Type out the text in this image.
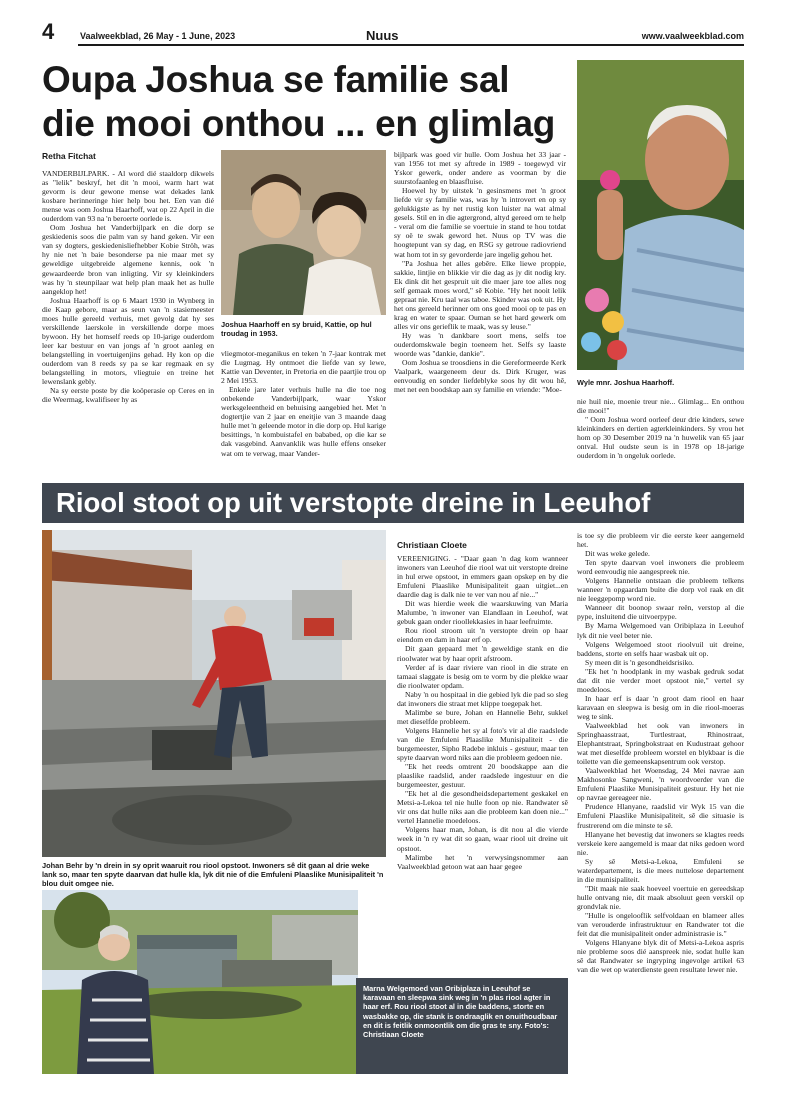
4	Vaalweekblad, 26 May - 1 June, 2023	Nuus	www.vaalweekblad.com
Oupa Joshua se familie sal die mooi onthou ... en glimlag
Retha Fitchat

VANDERBIJLPARK. - Al word dié staaldorp dikwels as "lelik" beskryf, het dit 'n mooi, warm hart wat gevorm is deur gewone mense wat dekades lank kosbare herinneringe hier help bou het. Een van dié mense was oom Joshua Haarhoff, wat op 22 April in die ouderdom van 93 na 'n beroerte oorlede is.

Oom Joshua het Vanderbijlpark en die dorp se geskiedenis soos die palm van sy hand geken. Vir een van sy dogters, geskiedenisliefhebber Kobie Ströh, was hy nie net 'n baie besonderse pa nie maar met sy geweldige uitgebreide algemene kennis, ook 'n gewaardeerde bron van inligting. Vir sy kleinkinders was hy 'n steunpilaar wat help plan maak het as hulle aangeklop het!

Joshua Haarhoff is op 6 Maart 1930 in Wynberg in die Kaap gebore, maar as seun van 'n stasiemeester moes hulle gereeld verhuis, met gevolg dat hy ses verskillende laerskole in verskillende dorpe moes bywoon. Hy het homself reeds op 10-jarige ouderdom leer kar bestuur en van jongs af 'n groot aanleg en belangstelling in voertuigenjins gehad. Hy kon op die ouderdom van 8 reeds sy pa se kar regmaak en sy belangstelling in motors, vliegtuie en treine het lewenslank gebly.

Na sy eerste poste by die koöperasie op Ceres en in die Weermag, kwalifiseer hy as

Joshua Haarhoff en sy bruid, Kattie, op hul troudag in 1953.

vliegmotor-meganikus en teken 'n 7-jaar kontrak met die Lugmag. Hy ontmoet die liefde van sy lewe, Kattie van Deventer, in Pretoria en die paartjie trou op 2 Mei 1953.

Enkele jare later verhuis hulle na die toe nog onbekende Vanderbijlpark, waar Yskor werksgeleentheid en behuising aangebied het. Met 'n dogtertjie van 2 jaar en eneitjie van 3 maande daag hulle met 'n geleende motor in die dorp op. Hul karige besittings, 'n kombuistafel en bababed, op die kar se dak vasgebind. Aanvanklik was hulle effens onseker wat om te verwag, maar Vander-

bijlpark was goed vir hulle. Oom Joshua het 33 jaar - van 1956 tot met sy aftrede in 1989 - toegewyd vir Yskor gewerk, onder andere as voorman by die suurstofaanleg en blaasfluise.

Hoewel hy by uitstek 'n gesinsmens met 'n groot liefde vir sy familie was, was hy 'n introvert en op sy gelukkigste as hy net rustig kon luister na wat almal gesels. Stil en in die agtergrond, altyd gereed om te help - veral om die familie se voertuie in stand te hou totdat sy oë te swak geword het. Nuus op TV was die hoogtepunt van sy dag, en RSG sy getroue radiovriend wat hom tot in sy gevorderde jare ingelig gehou het.

"Pa Joshua het alles gebêre. Elke liewe proppie, sakkie, lintjie en blikkie vir die dag as jy dit nodig kry. Ek dink dit het gespruit uit die maer jare toe alles nog self gemaak moes word," sê Kobie. "Hy het nooit lelik gepraat nie. Kru taal was taboe. Skinder was ook uit. Hy het ons gereeld herinner om ons goed mooi op te pas en krag en water te spaar. Ouman se het hard gewerk om alles vir ons gerieflik te maak, was sy leuse."

Hy was 'n dankbare soort mens, selfs toe ouderdomskwale begin toeneem het. Selfs sy laaste woorde was "dankie, dankie".

Oom Joshua se troosdiens in die Gereformeerde Kerk Vaalpark, waargeneem deur ds. Dirk Kruger, was eenvoudig en sonder liefdeblyke soos hy dit wou hê, met net een boodskap aan sy familie en vriende: "Moe-

Wyle mnr. Joshua Haarhoff.

nie huil nie, moenie treur nie... Glimlag... En onthou die mooi!"

" Oom Joshua word oorleef deur drie kinders, sewe kleinkinders en dertien agterkleinkinders. Sy vrou het hom op 30 Desember 2019 na 'n huwelik van 65 jaar ontval. Hul oudste seun is in 1978 op 18-jarige ouderdom in 'n ongeluk oorlede.

Riool stoot op uit verstopte dreine in Leeuhof
Johan Behr by 'n drein in sy oprit waaruit rou riool opstoot. Inwoners sê dit gaan al drie weke lank so, maar ten spyte daarvan dat hulle kla, lyk dit nie of die Emfuleni Plaaslike Munisipaliteit 'n blou duit omgee nie.
Marna Welgemoed van Oribiplaza in Leeuhof se karavaan en sleepwa sink weg in 'n plas riool agter in haar erf. Rou riool stoot al in die baddens, storte en wasbakke op, die stank is ondraaglik en onuithoudbaar en dit is feitlik onmoontlik om die gras te sny. Foto's: Christiaan Cloete
Christiaan Cloete

VEREENIGING. - "Daar gaan 'n dag kom wanneer inwoners van Leeuhof die riool wat uit verstopte dreine in hul erwe opstoot, in emmers gaan opskep en by die Emfuleni Plaaslike Munisipaliteit gaan uitgiet...en daardie dag is dalk nie te ver van nou af nie..."

Dit was hierdie week die waarskuwing van Maria Malumbe, 'n inwoner van Elandlaan in Leeuhof, wat gebuk gaan onder rioollekkasies in haar leefruimte.

Rou riool stroom uit 'n verstopte drein op haar eiendom en dam in haar erf op.

Dit gaan gepaard met 'n geweldige stank en die rioolwater wat by haar oprit afstroom.

Verder af is daar riviere van riool in die strate en tamaai slaggate is besig om te vorm by die plekke waar die rioolwater opdam.

Naby 'n ou hospitaal in die gebied lyk die pad so sleg dat inwoners die straat met klippe toegepak het.

Malimbe se bure, Johan en Hannelie Behr, sukkel met dieselfde probleem.

Volgens Hannelie het sy al foto's vir al die raadslede van die Emfuleni Plaaslike Munisipaliteit - die burgemeester, Sipho Radebe inkluis - gestuur, maar ten spyte daarvan word niks aan die probleem gedoen nie.

"Ek het reeds omtrent 20 boodskappe aan die plaaslike raadslid, ander raadslede ingestuur en die burgemeester, gestuur.

"Ek het al die gesondheidsdepartement geskakel en Metsi-a-Lekoa tel nie hulle foon op nie. Randwater sê vir ons dat hulle niks aan die probleem kan doen nie..." vertel Hannelie moedeloos.

Volgens haar man, Johan, is dit nou al die vierde week in 'n ry wat dit so gaan, waar riool uit dreine uit opstoot.

Malimbe het 'n verwysingsnommer aan Vaalweekblad getoon wat aan haar gegee

is toe sy die probleem vir die eerste keer aangemeld het.

Dit was weke gelede.

Ten spyte daarvan voel inwoners die probleem word eenvoudig nie aangespreek nie.

Volgens Hannelie ontstaan die probleem telkens wanneer 'n opgaardam buite die dorp vol raak en dit nie leeggepomp word nie.

Wanneer dit boonop swaar reën, verstop al die pype, insluitend die uitvoerpype.

By Marna Welgemoed van Oribiplaza in Leeuhof lyk dit nie veel beter nie.

Volgens Welgemoed stoot rioolvuil uit dreine, baddens, storte en selfs haar wasbak uit op.

Sy meen dit is 'n gesondheidsrisiko.

"Ek het 'n hoodplank in my wasbak gedruk sodat dat dit nie verder moet opstoot nie," vertel sy moedeloos.

In haar erf is daar 'n groot dam riool en haar karavaan en sleepwa is besig om in die riool-moeras weg te sink.

Vaalweekblad het ook van inwoners in Springhaasstraat, Turtlestraat, Rhinostraat, Elephantstraat, Springbokstraat en Kudustraat gehoor wat met dieselfde probleem worstel en blykbaar is die toilette van die gemeenskapsentrum ook verstop.

Vaalweekblad het Woensdag, 24 Mei navrae aan Makhosonke Sangweni, 'n woordvoerder van die Emfuleni Plaaslike Munisipaliteit gestuur. Hy het nie op navrae gereageer nie.

Prudence Hlanyane, raadslid vir Wyk 15 van die Emfuleni Plaaslike Munisipaliteit, sê die situasie is frustrerend om die minste te sê.

Hlanyane het bevestig dat inwoners se klagtes reeds verskeie kere aangemeld is maar dat niks gedoen word nie.

Sy sê Metsi-a-Lekoa, Emfuleni se waterdepartement, is die mees nuttelose departement in die munisipaliteit.

"Dit maak nie saak hoeveel voertuie en gereedskap hulle ontvang nie, dit maak absoluut geen verskil op grondvlak nie.

"Hulle is ongelooflik selfvoldaan en blameer alles van verouderde infrastruktuur en Randwater tot die feit dat die munisipaliteit onder administrasie is."

Volgens Hlanyane blyk dit of Metsi-a-Lekoa aspris nie probleme soos dié aanspreek nie, sodat hulle kan sê dat Randwater se ingryping ingevolge artikel 63 van die wet op waterdienste geen resultate lewer nie.
